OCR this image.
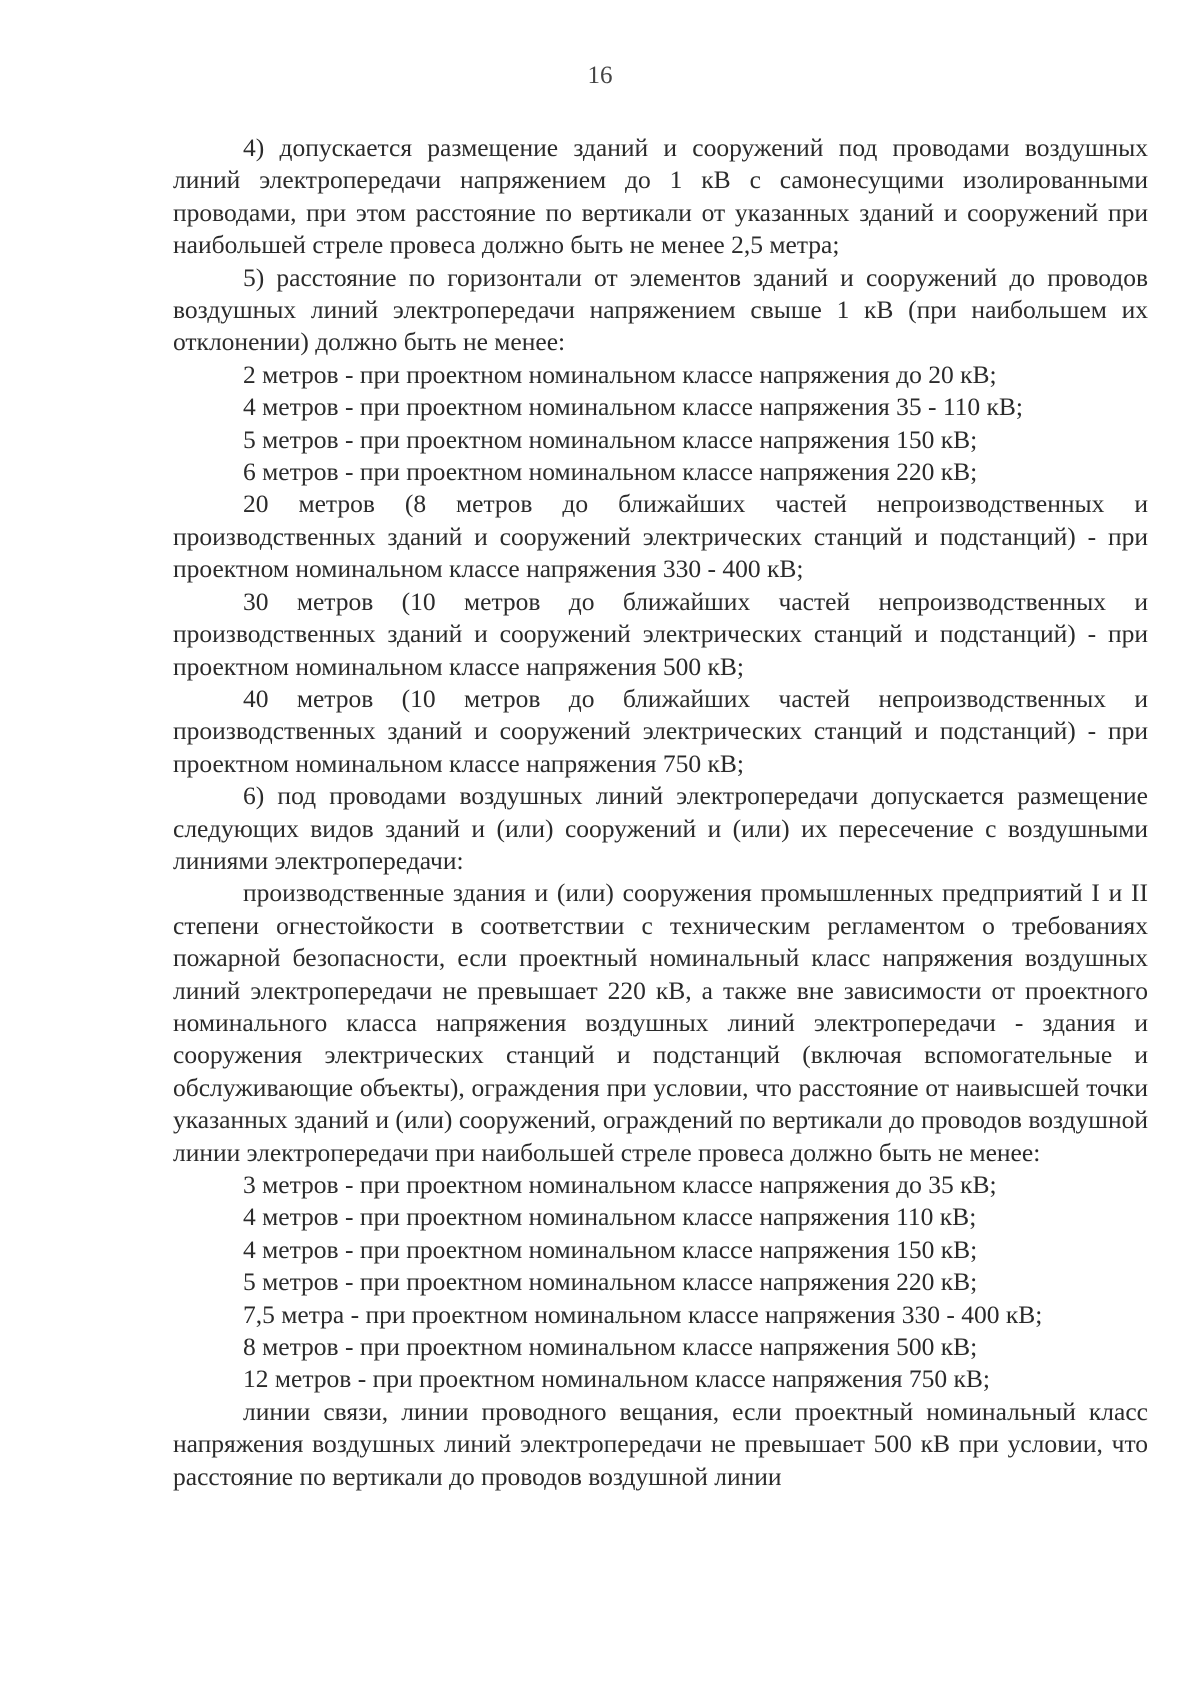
16

4) допускается размещение зданий и сооружений под проводами воздушных линий электропередачи напряжением до 1 кВ с самонесущими изолированными проводами, при этом расстояние по вертикали от указанных зданий и сооружений при наибольшей стреле провеса должно быть не менее 2,5 метра;

5) расстояние по горизонтали от элементов зданий и сооружений до проводов воздушных линий электропередачи напряжением свыше 1 кВ (при наибольшем их отклонении) должно быть не менее:

2 метров - при проектном номинальном классе напряжения до 20 кВ;

4 метров - при проектном номинальном классе напряжения 35 - 110 кВ;

5 метров - при проектном номинальном классе напряжения 150 кВ;

6 метров - при проектном номинальном классе напряжения 220 кВ;

20 метров (8 метров до ближайших частей непроизводственных и производственных зданий и сооружений электрических станций и подстанций) - при проектном номинальном классе напряжения 330 - 400 кВ;

30 метров (10 метров до ближайших частей непроизводственных и производственных зданий и сооружений электрических станций и подстанций) - при проектном номинальном классе напряжения 500 кВ;

40 метров (10 метров до ближайших частей непроизводственных и производственных зданий и сооружений электрических станций и подстанций) - при проектном номинальном классе напряжения 750 кВ;

6) под проводами воздушных линий электропередачи допускается размещение следующих видов зданий и (или) сооружений и (или) их пересечение с воздушными линиями электропередачи:

производственные здания и (или) сооружения промышленных предприятий I и II степени огнестойкости в соответствии с техническим регламентом о требованиях пожарной безопасности, если проектный номинальный класс напряжения воздушных линий электропередачи не превышает 220 кВ, а также вне зависимости от проектного номинального класса напряжения воздушных линий электропередачи - здания и сооружения электрических станций и подстанций (включая вспомогательные и обслуживающие объекты), ограждения при условии, что расстояние от наивысшей точки указанных зданий и (или) сооружений, ограждений по вертикали до проводов воздушной линии электропередачи при наибольшей стреле провеса должно быть не менее:

3 метров - при проектном номинальном классе напряжения до 35 кВ;

4 метров - при проектном номинальном классе напряжения 110 кВ;

4 метров - при проектном номинальном классе напряжения 150 кВ;

5 метров - при проектном номинальном классе напряжения 220 кВ;

7,5 метра - при проектном номинальном классе напряжения 330 - 400 кВ;

8 метров - при проектном номинальном классе напряжения 500 кВ;

12 метров - при проектном номинальном классе напряжения 750 кВ;

линии связи, линии проводного вещания, если проектный номинальный класс напряжения воздушных линий электропередачи не превышает 500 кВ при условии, что расстояние по вертикали до проводов воздушной линии
